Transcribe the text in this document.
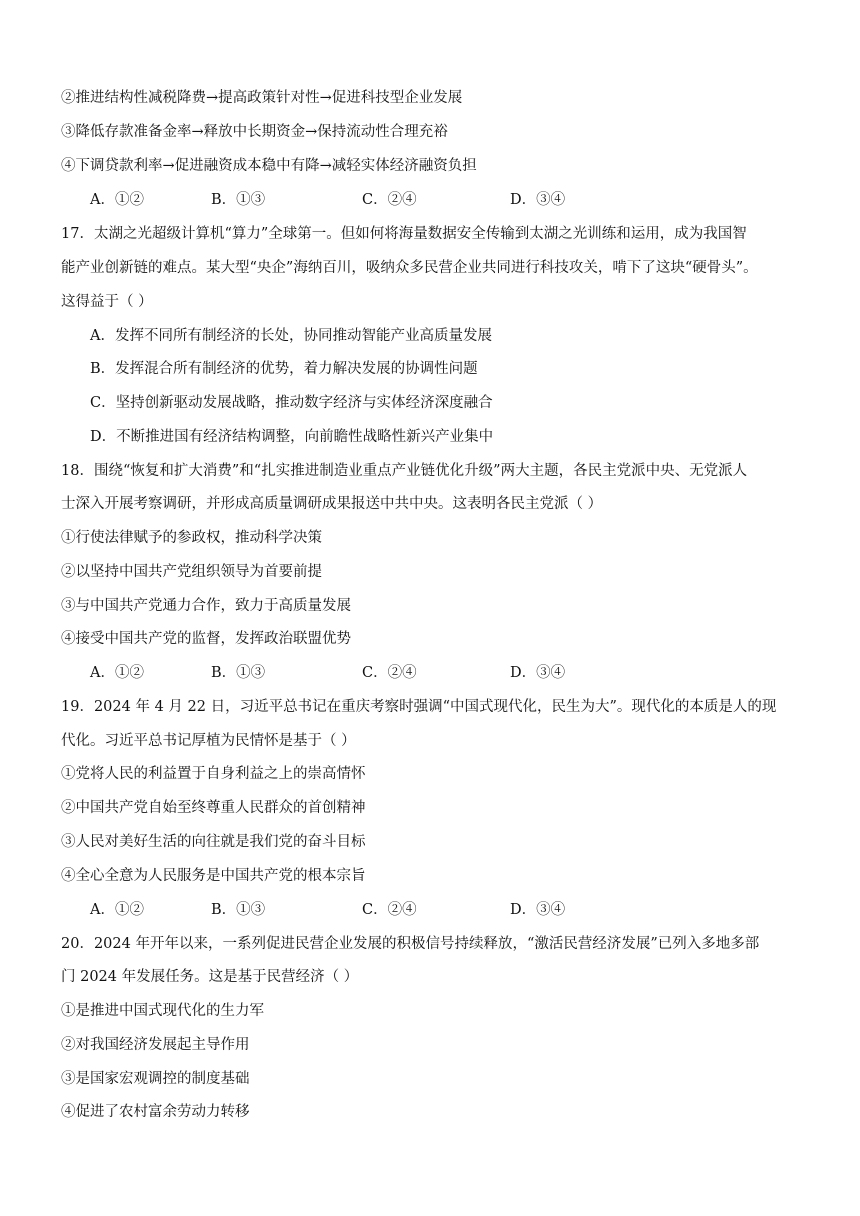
②推进结构性减税降费→提高政策针对性→促进科技型企业发展
③降低存款准备金率→释放中长期资金→保持流动性合理充裕
④下调贷款利率→促进融资成本稳中有降→减轻实体经济融资负担
A．①②	B．①③	C．②④	D．③④
17．太湖之光超级计算机“算力”全球第一。但如何将海量数据安全传输到太湖之光训练和运用，成为我国智
能产业创新链的难点。某大型“央企”海纳百川，吸纳众多民营企业共同进行科技攻关，啃下了这块“硬骨头”。
这得益于（ ）
A．发挥不同所有制经济的长处，协同推动智能产业高质量发展
B．发挥混合所有制经济的优势，着力解决发展的协调性问题
C．坚持创新驱动发展战略，推动数字经济与实体经济深度融合
D．不断推进国有经济结构调整，向前瞻性战略性新兴产业集中
18．围绕“恢复和扩大消费”和“扎实推进制造业重点产业链优化升级”两大主题，各民主党派中央、无党派人
士深入开展考察调研，并形成高质量调研成果报送中共中央。这表明各民主党派（ ）
①行使法律赋予的参政权，推动科学决策
②以坚持中国共产党组织领导为首要前提
③与中国共产党通力合作，致力于高质量发展
④接受中国共产党的监督，发挥政治联盟优势
A．①②	B．①③	C．②④	D．③④
19．2024 年 4 月 22 日，习近平总书记在重庆考察时强调“中国式现代化，民生为大”。现代化的本质是人的现
代化。习近平总书记厚植为民情怀是基于（ ）
①党将人民的利益置于自身利益之上的崇高情怀
②中国共产党自始至终尊重人民群众的首创精神
③人民对美好生活的向往就是我们党的奋斗目标
④全心全意为人民服务是中国共产党的根本宗旨
A．①②	B．①③	C．②④	D．③④
20．2024 年开年以来，一系列促进民营企业发展的积极信号持续释放，“激活民营经济发展”已列入多地多部
门 2024 年发展任务。这是基于民营经济（ ）
①是推进中国式现代化的生力军
②对我国经济发展起主导作用
③是国家宏观调控的制度基础
④促进了农村富余劳动力转移
